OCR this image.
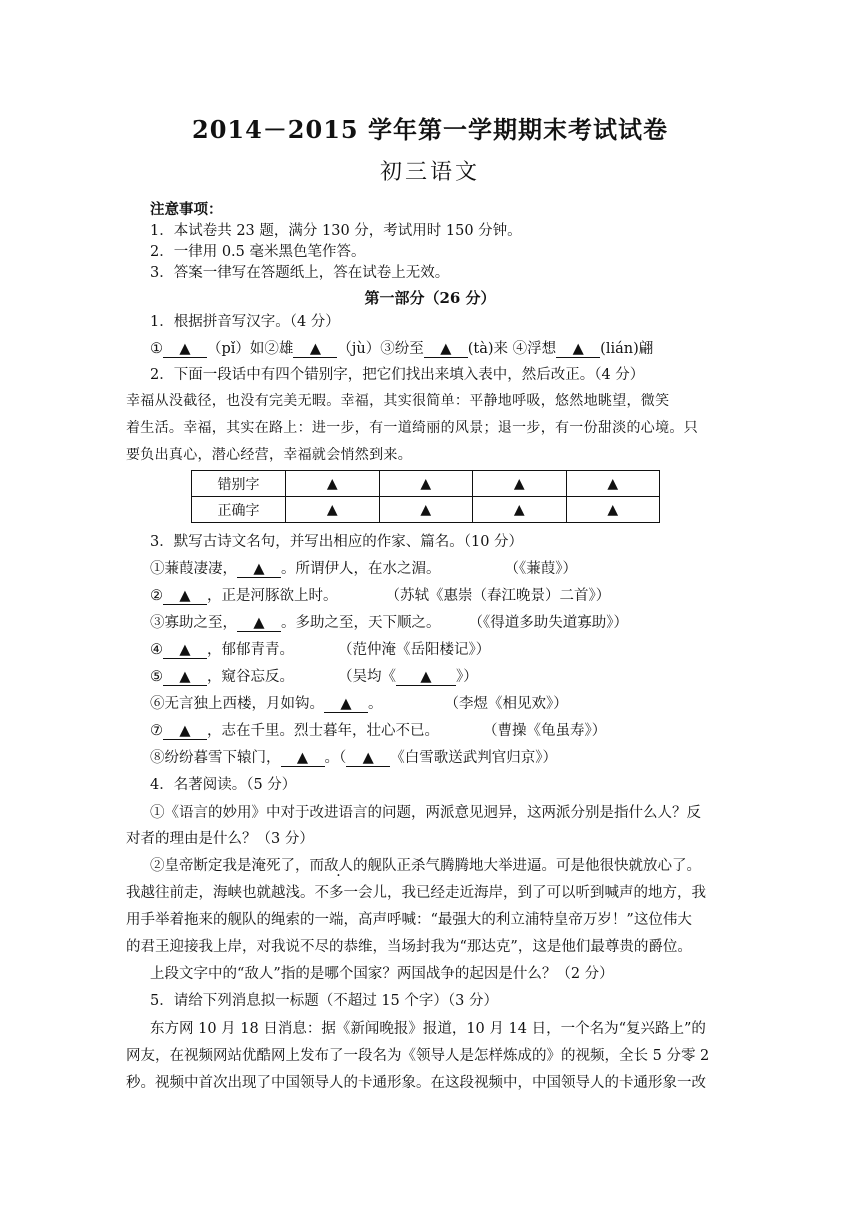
2014－2015 学年第一学期期末考试试卷
初三语文
注意事项：
1．本试卷共 23 题，满分 130 分，考试用时 150 分钟。
2．一律用 0.5 毫米黑色笔作答。
3．答案一律写在答题纸上，答在试卷上无效。
第一部分（26 分）
1．根据拼音写汉字。（4 分）
① ▲ （pǐ）如②雄 ▲ （jù）③纷至 ▲ (tà)来 ④浮想 ▲ (lián)翩
2．下面一段话中有四个错别字，把它们找出来填入表中，然后改正。（4 分）
幸福从没截径，也没有完美无暇。幸福，其实很简单：平静地呼吸，悠然地眺望，微笑
着生活。幸福，其实在路上：进一步，有一道绮丽的风景；退一步，有一份甜淡的心境。只
要负出真心，潜心经营，幸福就会悄然到来。
错别字	▲	▲	▲	▲
正确字	▲	▲	▲	▲
3．默写古诗文名句，并写出相应的作家、篇名。（10 分）
①蒹葭凄凄， ▲ 。所谓伊人，在水之湄。	（《蒹葭》）
② ▲ ，正是河豚欲上时。	（苏轼《惠崇（春江晚景）二首》）
③寡助之至， ▲ 。多助之至，天下顺之。 （《得道多助失道寡助》）
④ ▲ ，郁郁青青。	（范仲淹《岳阳楼记》）
⑤ ▲ ，窥谷忘反。	（吴均《 ▲ 》）
⑥无言独上西楼，月如钩。 ▲ 。	（李煜《相见欢》）
⑦ ▲ ，志在千里。烈士暮年，壮心不已。	（曹操《龟虽寿》）
⑧纷纷暮雪下辕门， ▲ 。（ ▲ 《白雪歌送武判官归京》）
4．名著阅读。（5 分）
①《语言的妙用》中对于改进语言的问题，两派意见迥异，这两派分别是指什么人？反
对者的理由是什么？（3 分）
②皇帝断定我是淹死了，而敌人的舰队正杀气腾腾地大举进逼。可是他很快就放心了。
我越往前走，海峡也就越浅。不多一会儿，我已经走近海岸，到了可以听到喊声的地方，我
用手举着拖来的舰队的绳索的一端，高声呼喊：“最强大的利立浦特皇帝万岁！”这位伟大
的君王迎接我上岸，对我说不尽的恭维，当场封我为“那达克”，这是他们最尊贵的爵位。
上段文字中的“敌人”指的是哪个国家？两国战争的起因是什么？（2 分）
5．请给下列消息拟一标题（不超过 15 个字）（3 分）
东方网 10 月 18 日消息：据《新闻晚报》报道，10 月 14 日，一个名为“复兴路上”的
网友，在视频网站优酷网上发布了一段名为《领导人是怎样炼成的》的视频，全长 5 分零 2
秒。视频中首次出现了中国领导人的卡通形象。在这段视频中，中国领导人的卡通形象一改
